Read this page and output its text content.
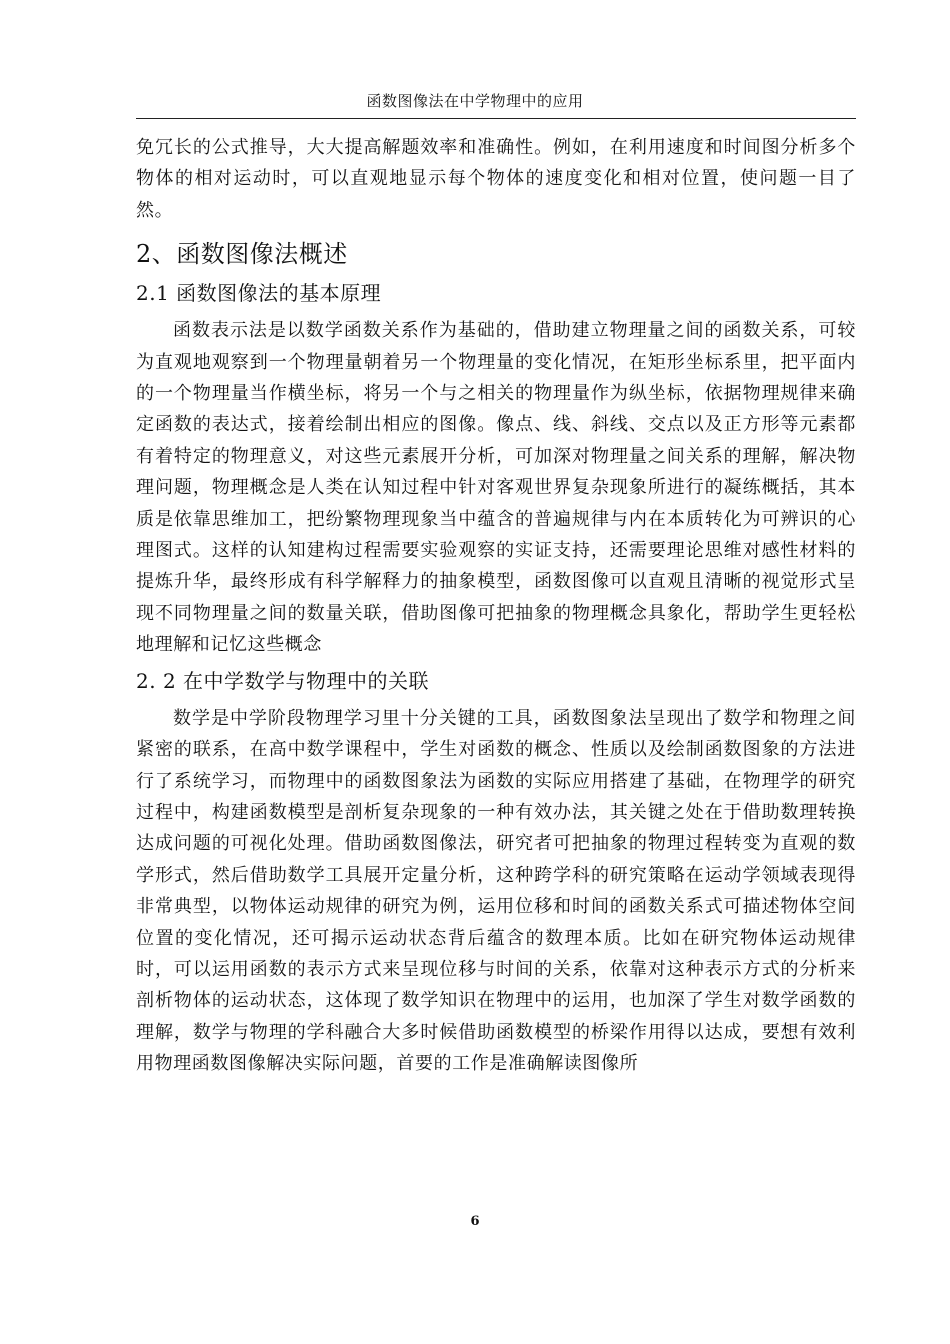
函数图像法在中学物理中的应用

免冗长的公式推导，大大提高解题效率和准确性。例如，在利用速度和时间图分析多个物体的相对运动时，可以直观地显示每个物体的速度变化和相对位置，使问题一目了然。

2、函数图像法概述
2.1 函数图像法的基本原理

函数表示法是以数学函数关系作为基础的，借助建立物理量之间的函数关系，可较为直观地观察到一个物理量朝着另一个物理量的变化情况，在矩形坐标系里，把平面内的一个物理量当作横坐标，将另一个与之相关的物理量作为纵坐标，依据物理规律来确定函数的表达式，接着绘制出相应的图像。像点、线、斜线、交点以及正方形等元素都有着特定的物理意义，对这些元素展开分析，可加深对物理量之间关系的理解，解决物理问题，物理概念是人类在认知过程中针对客观世界复杂现象所进行的凝练概括，其本质是依靠思维加工，把纷繁物理现象当中蕴含的普遍规律与内在本质转化为可辨识的心理图式。这样的认知建构过程需要实验观察的实证支持，还需要理论思维对感性材料的提炼升华，最终形成有科学解释力的抽象模型，函数图像可以直观且清晰的视觉形式呈现不同物理量之间的数量关联，借助图像可把抽象的物理概念具象化，帮助学生更轻松地理解和记忆这些概念

2. 2 在中学数学与物理中的关联

数学是中学阶段物理学习里十分关键的工具，函数图象法呈现出了数学和物理之间紧密的联系，在高中数学课程中，学生对函数的概念、性质以及绘制函数图象的方法进行了系统学习，而物理中的函数图象法为函数的实际应用搭建了基础，在物理学的研究过程中，构建函数模型是剖析复杂现象的一种有效办法，其关键之处在于借助数理转换达成问题的可视化处理。借助函数图像法，研究者可把抽象的物理过程转变为直观的数学形式，然后借助数学工具展开定量分析，这种跨学科的研究策略在运动学领域表现得非常典型，以物体运动规律的研究为例，运用位移和时间的函数关系式可描述物体空间位置的变化情况，还可揭示运动状态背后蕴含的数理本质。比如在研究物体运动规律时，可以运用函数的表示方式来呈现位移与时间的关系，依靠对这种表示方式的分析来剖析物体的运动状态，这体现了数学知识在物理中的运用，也加深了学生对数学函数的理解，数学与物理的学科融合大多时候借助函数模型的桥梁作用得以达成，要想有效利用物理函数图像解决实际问题，首要的工作是准确解读图像所

6
